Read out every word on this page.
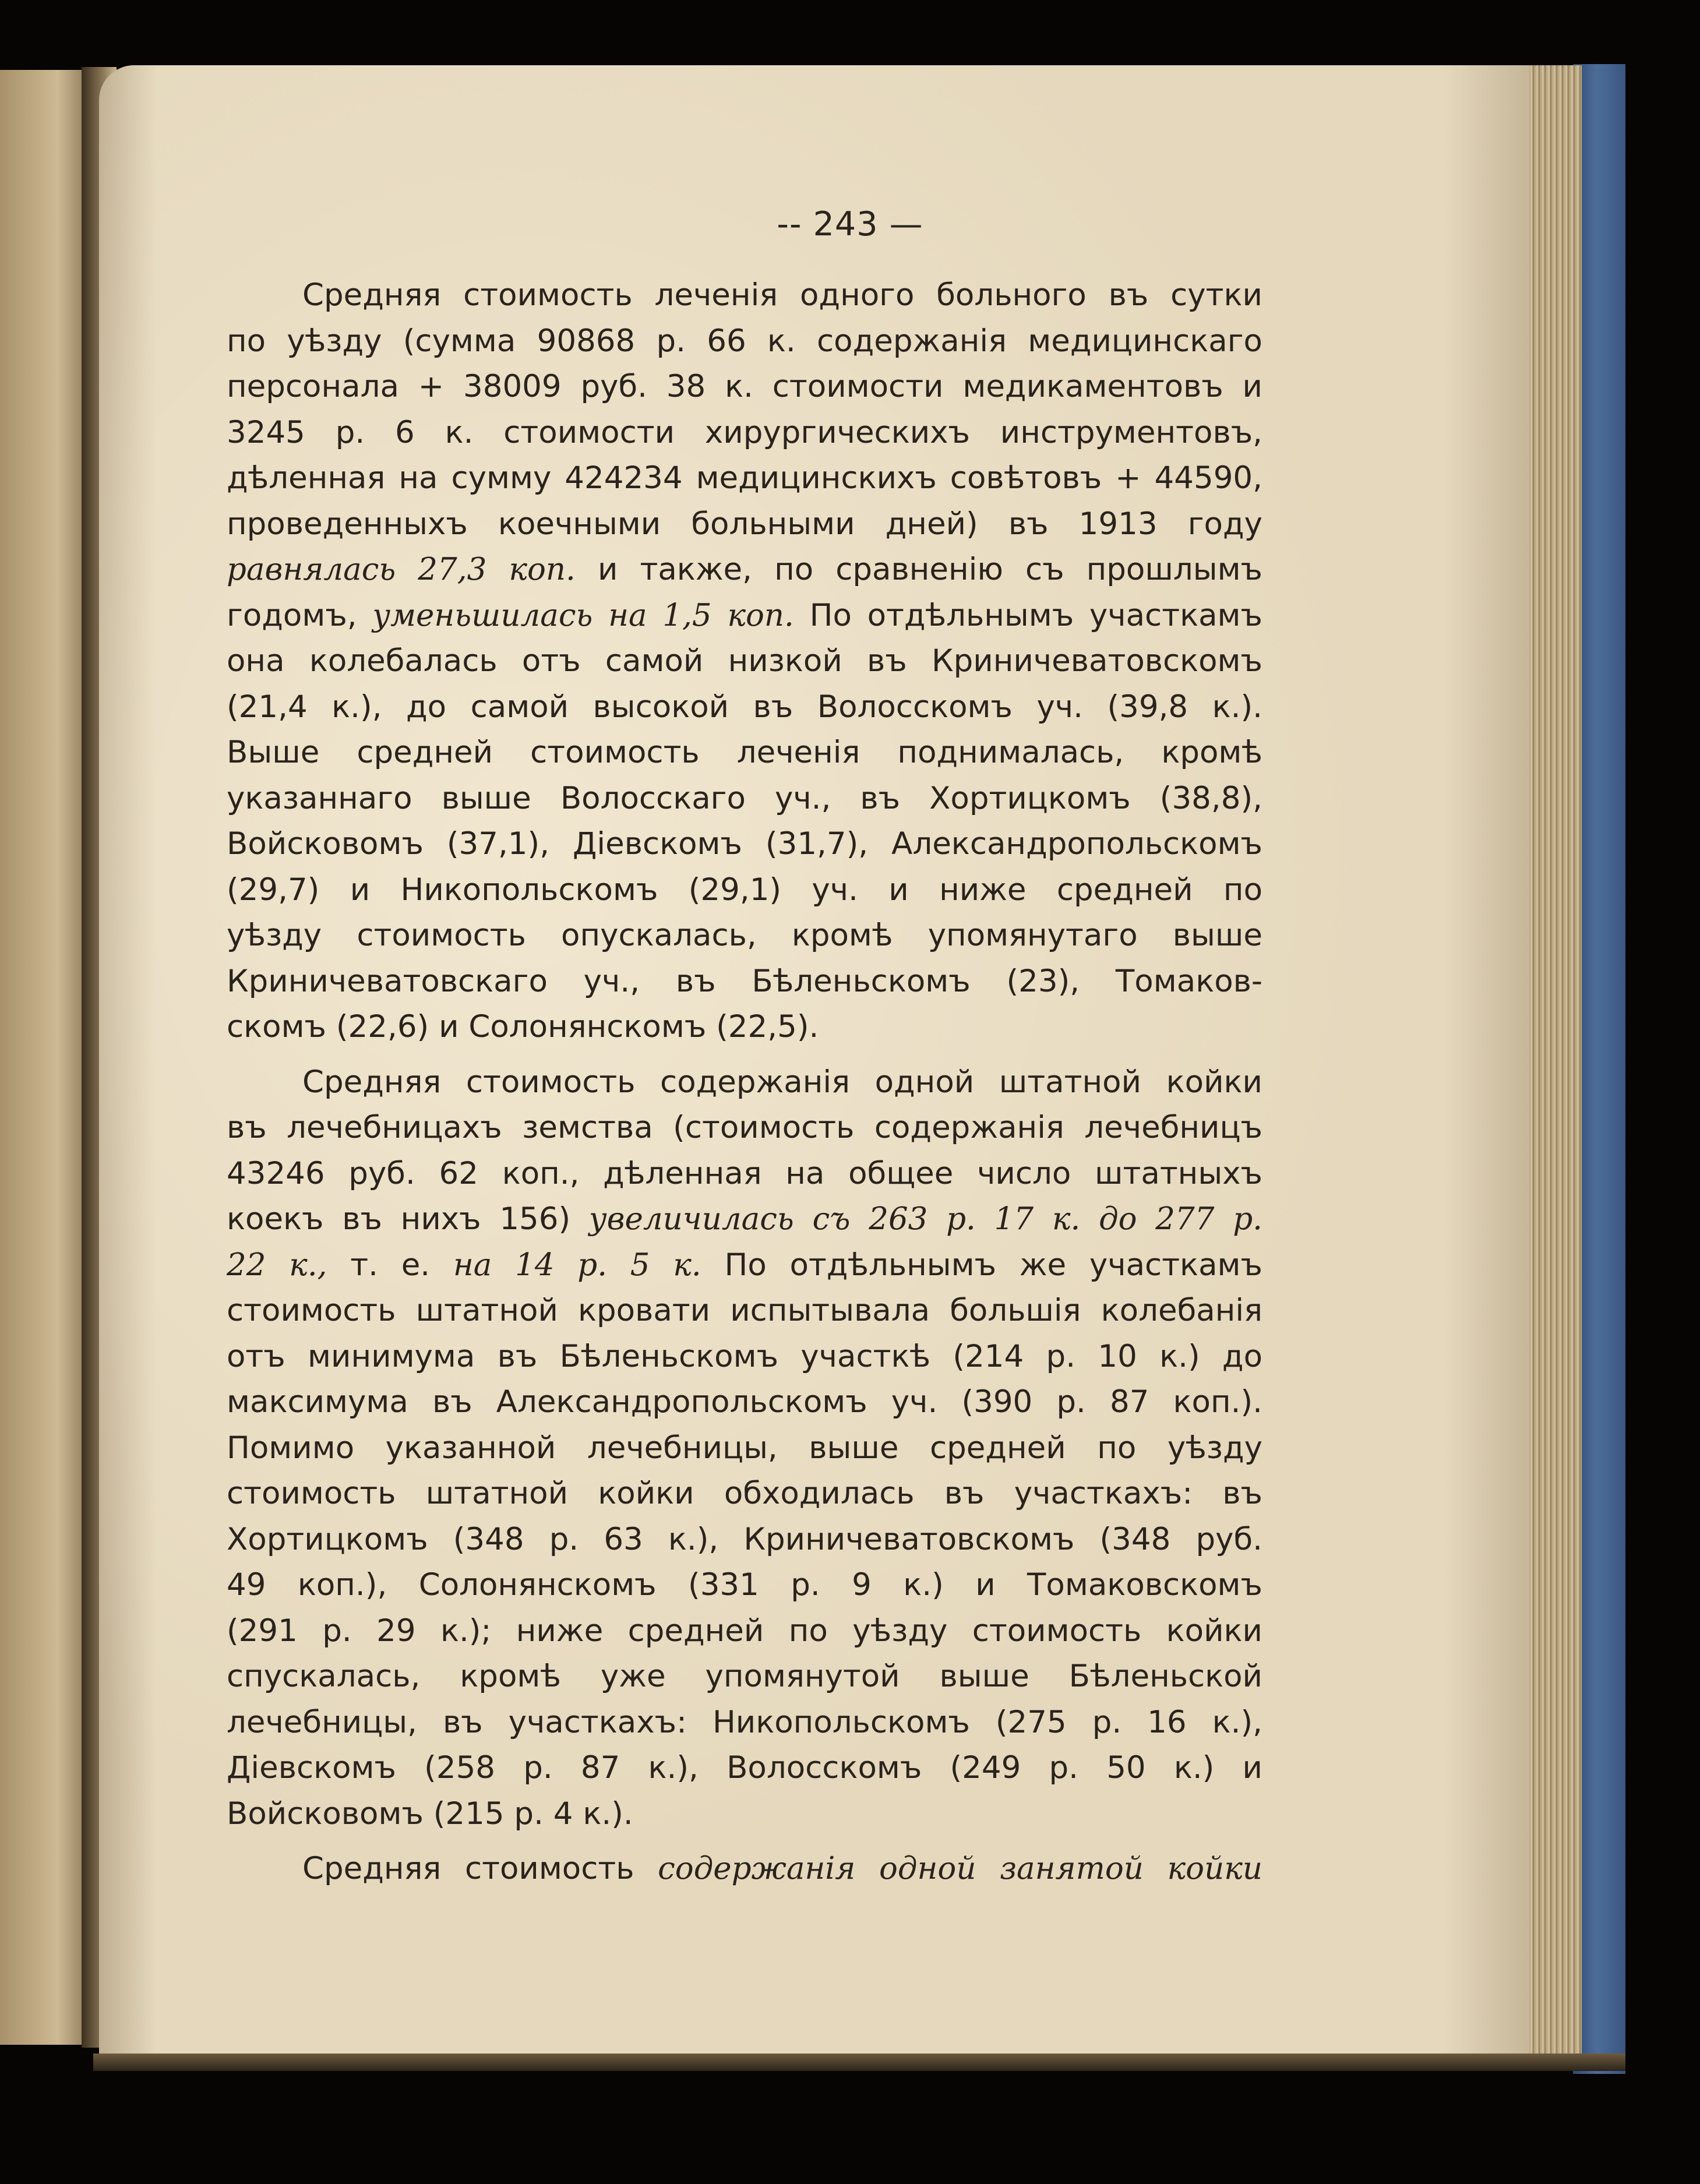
-- 243 —
Средняя стоимость леченія одного больного въ сутки
по уѣзду (сумма 90868 р. 66 к. содержанія медицинскаго
персонала + 38009 руб. 38 к. стоимости медикаментовъ и
3245 р. 6 к. стоимости хирургическихъ инструментовъ,
дѣленная на сумму 424234 медицинскихъ совѣтовъ + 44590,
проведенныхъ коечными больными дней) въ 1913 году
равнялась 27,3 коп. и также, по сравненію съ прошлымъ
годомъ, уменьшилась на 1,5 коп. По отдѣльнымъ участкамъ
она колебалась отъ самой низкой въ Криничеватовскомъ
(21,4 к.), до самой высокой въ Волосскомъ уч. (39,8 к.).
Выше средней стоимость леченія поднималась, кромѣ
указаннаго выше Волосскаго уч., въ Хортицкомъ (38,8),
Войсковомъ (37,1), Діевскомъ (31,7), Александропольскомъ
(29,7) и Никопольскомъ (29,1) уч. и ниже средней по
уѣзду стоимость опускалась, кромѣ упомянутаго выше
Криничеватовскаго уч., въ Бѣленьскомъ (23), Томаков-
скомъ (22,6) и Солонянскомъ (22,5).
Средняя стоимость содержанія одной штатной койки
въ лечебницахъ земства (стоимость содержанія лечебницъ
43246 руб. 62 коп., дѣленная на общее число штатныхъ
коекъ въ нихъ 156) увеличилась съ 263 р. 17 к. до 277 р.
22 к., т. е. на 14 р. 5 к. По отдѣльнымъ же участкамъ
стоимость штатной кровати испытывала большія колебанія
отъ минимума въ Бѣленьскомъ участкѣ (214 р. 10 к.) до
максимума въ Александропольскомъ уч. (390 р. 87 коп.).
Помимо указанной лечебницы, выше средней по уѣзду
стоимость штатной койки обходилась въ участкахъ: въ
Хортицкомъ (348 р. 63 к.), Криничеватовскомъ (348 руб.
49 коп.), Солонянскомъ (331 р. 9 к.) и Томаковскомъ
(291 р. 29 к.); ниже средней по уѣзду стоимость койки
спускалась, кромѣ уже упомянутой выше Бѣленьской
лечебницы, въ участкахъ: Никопольскомъ (275 р. 16 к.),
Діевскомъ (258 р. 87 к.), Волосскомъ (249 р. 50 к.) и
Войсковомъ (215 р. 4 к.).
Средняя стоимость содержанія одной занятой койки
